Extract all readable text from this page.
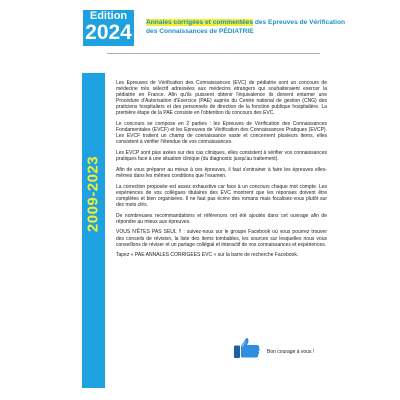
Edition
2024	Annales corrigées et commentées des Epreuves de Vérification des Connaissances de PÉDIATRIE
2009-2023

Les Epreuves de Vérification des Connaissances (EVC) de pédiatrie sont un concours de médecine très sélectif adressées aux médecins étrangers qui souhaiteraient exercer la pédiatrie en France. Afin qu'ils puissent obtenir l'équivalence ils doivent entamer une Procédure d'Autorisation d'Exercice (PAE) auprès du Centre national de gestion (CNG) des praticiens hospitaliers et des personnels de direction de la fonction publique hospitalière. La première étape de la PAE consiste en l'obtention du concours des EVC.

Le concours se compose en 2 parties : les Epreuves de Vérification des Connaissances Fondamentales (EVCF) et les Epreuves de Vérification des Connaissances Pratiques (EVCP). Les EVCF traitent un champ de connaissance vaste et concernent plusieurs items, elles consistent à vérifier l'étendue de vos connaissances.

Les EVCP sont plus axées sur des cas cliniques, elles consistent à vérifier vos connaissances pratiques face à une situation clinique (du diagnostic jusqu'au traitement).

Afin de vous préparer au mieux à ces épreuves, il faut s'entrainer à faire les épreuves elles-mêmes dans les mêmes conditions que l'examen.

La correction proposée est assez exhaustive car face à un concours chaque mot compte. Les expériences de vos collègues titulaires des EVC montrent que les réponses doivent être complètes et bien organisées. Il ne faut pas écrire des romans mais focalisez-vous plutôt sur des mots clés.

De nombreuses recommandations et références ont été ajoutés dans cet ouvrage afin de répondre au mieux aux épreuves.

VOUS N'ÊTES PAS SEUL !! : suivez-nous sur le groupe Facebook où vous pourrez trouver des conseils de révision, la liste des items tombables, les sources sur lesquelles nous vous conseillons de réviser et un partage collégial et interactif de vos connaissances et expériences.

Tapez « PAE ANNALES CORRIGEES EVC » sur la barre de recherche Facebook.

Bon courage à vous !
